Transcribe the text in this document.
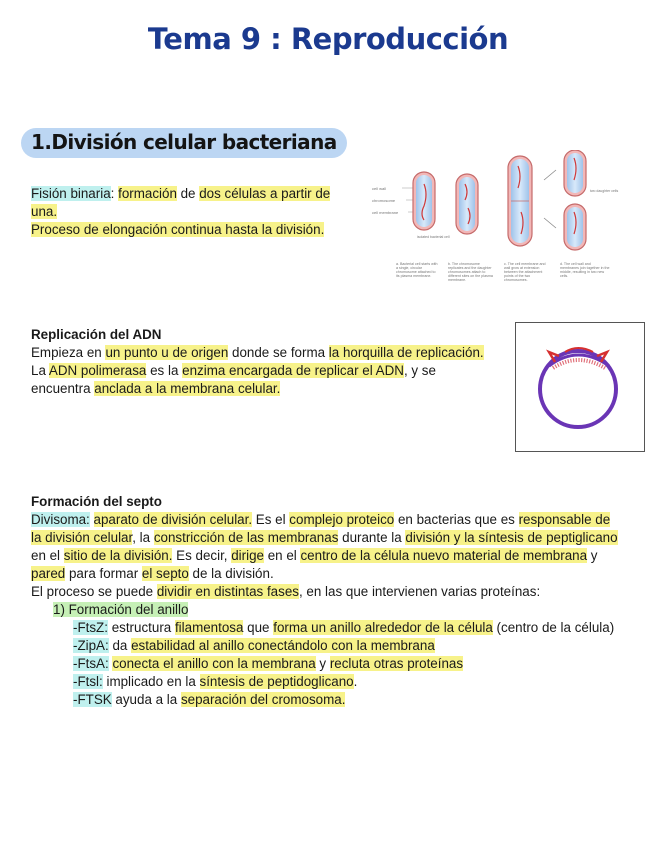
Tema 9 : Reproducción
1.División celular bacteriana

Fisión binaria: formación de dos células a partir de una.

Proceso de elongación continua hasta la división.

cell wall
chromosome
cell membrane
isolated bacterial cell
two daughter cells
a. Bacterial cell starts with a single, circular chromosome attached to its plasma membrane.
b. The chromosome replicates and the daughter chromosomes attach to different sites on the plasma membrane.
c. The cell membrane and wall grow at extension between the attachment points of the two chromosomes.
d. The cell wall and membranes join together in the middle, resulting in two new cells.

Replicación del ADN

Empieza en un punto u de origen donde se forma la horquilla de replicación.

La ADN polimerasa es la enzima encargada de replicar el ADN, y se encuentra anclada a la membrana celular.

Formación del septo

Divisoma: aparato de división celular. Es el complejo proteico en bacterias que es responsable de la división celular, la constricción de las membranas durante la división y la síntesis de peptiglicano en el sitio de la división. Es decir, dirige en el centro de la célula nuevo material de membrana y pared para formar el septo de la división.

El proceso se puede dividir en distintas fases, en las que intervienen varias proteínas:

1) Formación del anillo

-FtsZ: estructura filamentosa que forma un anillo alrededor de la célula (centro de la célula)

-ZipA: da estabilidad al anillo conectándolo con la membrana

-FtsA: conecta el anillo con la membrana y recluta otras proteínas

-Ftsl: implicado en la síntesis de peptidoglicano.

-FTSK ayuda a la separación del cromosoma.
